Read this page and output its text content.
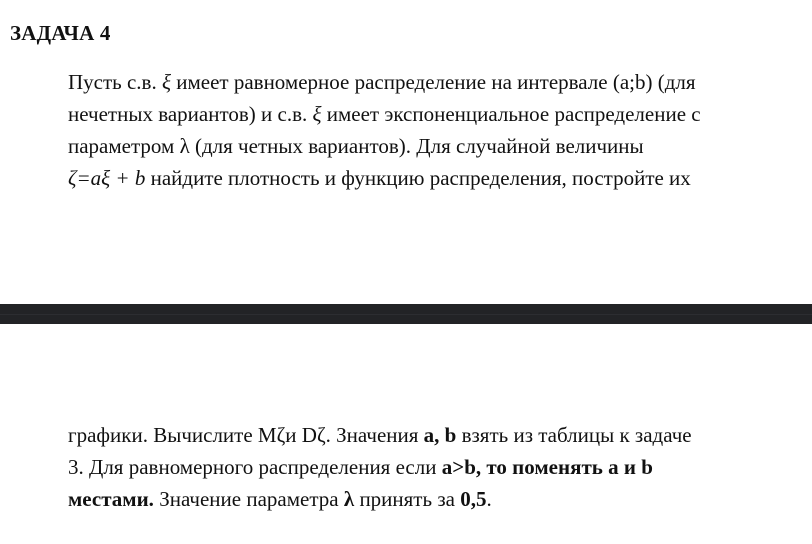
ЗАДАЧА 4
Пусть с.в. ξ имеет равномерное распределение на интервале (a;b) (для
нечетных вариантов) и с.в. ξ имеет экспоненциальное распределение с
параметром λ (для четных вариантов). Для случайной величины
ζ=aξ + b найдите плотность и функцию распределения, постройте их
графики. Вычислите Mζи Dζ. Значения a, b взять из таблицы к задаче
3. Для равномерного распределения если a>b, то поменять a и b
местами. Значение параметра λ принять за 0,5.
